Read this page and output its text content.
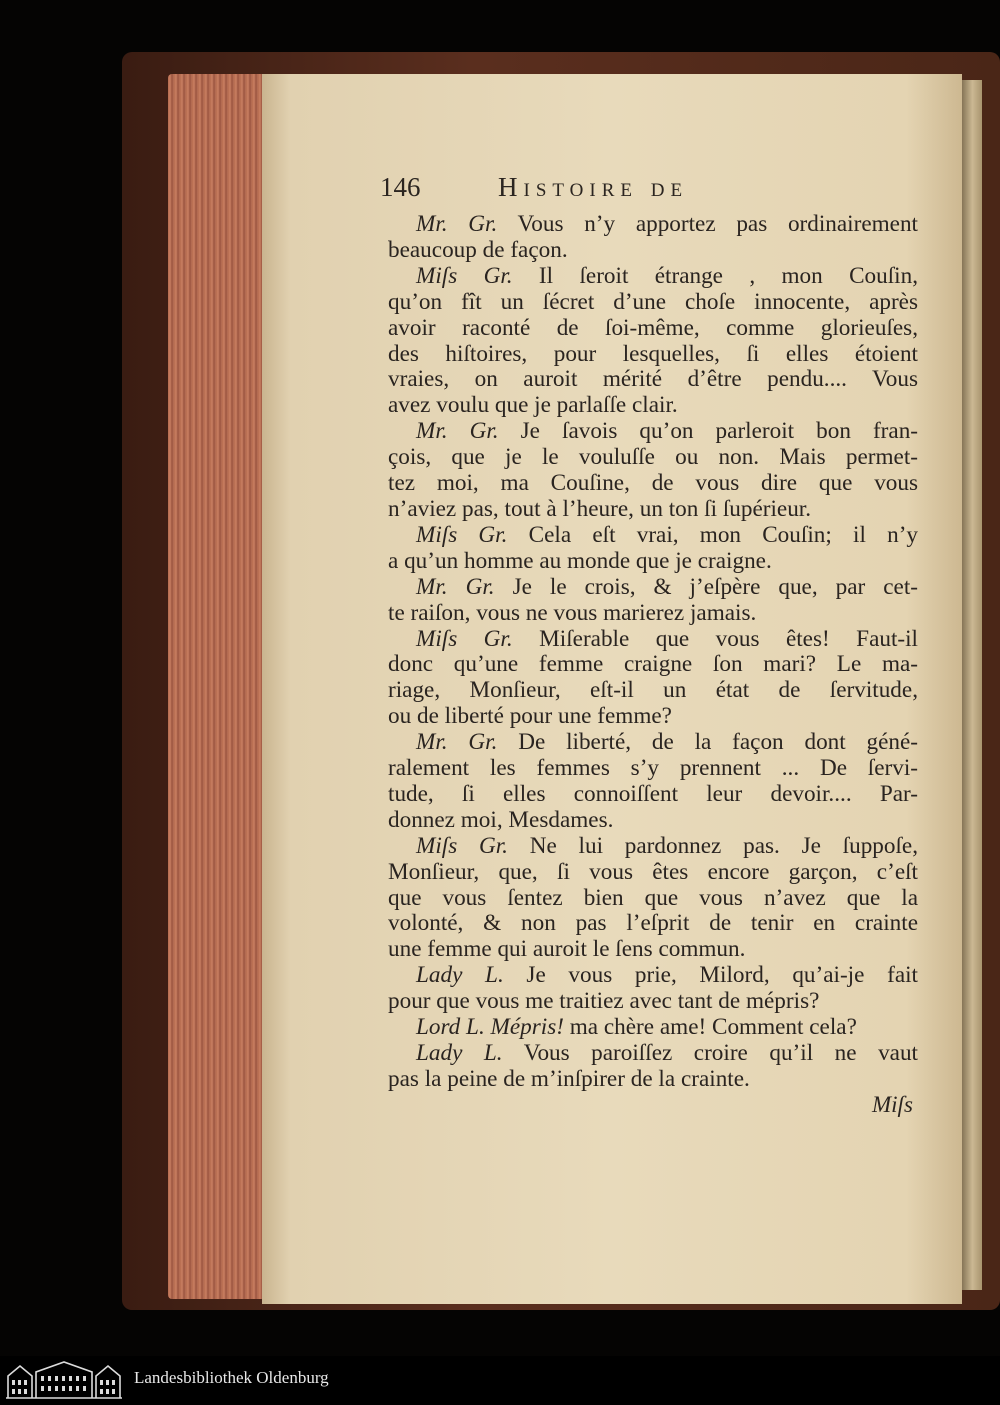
146	Histoire de
Mr. Gr. Vous n’y apportez pas ordinairement
beaucoup de façon.
Miſs Gr. Il ſeroit étrange , mon Couſin,
qu’on fît un ſécret d’une choſe innocente, après
avoir raconté de ſoi-même, comme glorieuſes,
des hiſtoires, pour lesquelles, ſi elles étoient
vraies, on auroit mérité d’être pendu.... Vous
avez voulu que je parlaſſe clair.
Mr. Gr. Je ſavois qu’on parleroit bon fran-
çois, que je le vouluſſe ou non. Mais permet-
tez moi, ma Couſine, de vous dire que vous
n’aviez pas, tout à l’heure, un ton ſi ſupérieur.
Miſs Gr. Cela eſt vrai, mon Couſin; il n’y
a qu’un homme au monde que je craigne.
Mr. Gr. Je le crois, & j’eſpère que, par cet-
te raiſon, vous ne vous marierez jamais.
Miſs Gr. Miſerable que vous êtes! Faut-il
donc qu’une femme craigne ſon mari? Le ma-
riage, Monſieur, eſt-il un état de ſervitude,
ou de liberté pour une femme?
Mr. Gr. De liberté, de la façon dont géné-
ralement les femmes s’y prennent ... De ſervi-
tude, ſi elles connoiſſent leur devoir.... Par-
donnez moi, Mesdames.
Miſs Gr. Ne lui pardonnez pas. Je ſuppoſe,
Monſieur, que, ſi vous êtes encore garçon, c’eſt
que vous ſentez bien que vous n’avez que la
volonté, & non pas l’eſprit de tenir en crainte
une femme qui auroit le ſens commun.
Lady L. Je vous prie, Milord, qu’ai-je fait
pour que vous me traitiez avec tant de mépris?
Lord L. Mépris! ma chère ame! Comment cela?
Lady L. Vous paroiſſez croire qu’il ne vaut
pas la peine de m’inſpirer de la crainte.
Miſs
Landesbibliothek Oldenburg
